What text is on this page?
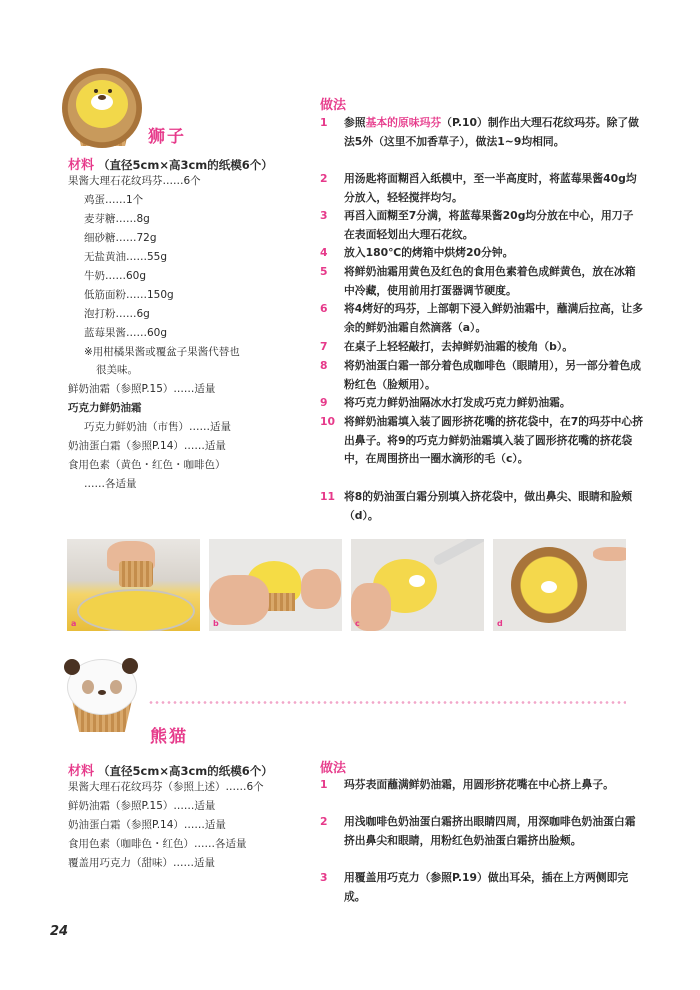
狮子
材料 （直径5cm×高3cm的纸模6个）
果酱大理石花纹玛芬……6个
鸡蛋……1个
麦芽糖……8g
细砂糖……72g
无盐黄油……55g
牛奶……60g
低筋面粉……150g
泡打粉……6g
蓝莓果酱……60g
※用柑橘果酱或覆盆子果酱代替也
很美味。
鲜奶油霜（参照P.15）……适量
巧克力鲜奶油霜
巧克力鲜奶油（市售）……适量
奶油蛋白霜（参照P.14）……适量
食用色素（黄色・红色・咖啡色）
……各适量
做法
1 参照基本的原味玛芬（P.10）制作出大理石花纹玛芬。除了做法5外（这里不加香草子），做法1~9均相同。
2 用汤匙将面糊舀入纸模中，至一半高度时，将蓝莓果酱40g均分放入，轻轻搅拌均匀。
3 再舀入面糊至7分满，将蓝莓果酱20g均分放在中心，用刀子在表面轻划出大理石花纹。
4 放入180℃的烤箱中烘烤20分钟。
5 将鲜奶油霜用黄色及红色的食用色素着色成鲜黄色，放在冰箱中冷藏，使用前用打蛋器调节硬度。
6 将4烤好的玛芬，上部朝下浸入鲜奶油霜中，蘸满后拉高，让多余的鲜奶油霜自然滴落（a）。
7 在桌子上轻轻敲打，去掉鲜奶油霜的棱角（b）。
8 将奶油蛋白霜一部分着色成咖啡色（眼睛用），另一部分着色成粉红色（脸颊用）。
9 将巧克力鲜奶油隔冰水打发成巧克力鲜奶油霜。
10 将鲜奶油霜填入装了圆形挤花嘴的挤花袋中，在7的玛芬中心挤出鼻子。将9的巧克力鲜奶油霜填入装了圆形挤花嘴的挤花袋中，在周围挤出一圈水滴形的毛（c）。
11 将8的奶油蛋白霜分别填入挤花袋中，做出鼻尖、眼睛和脸颊（d）。
a	b	c	d
熊猫
材料 （直径5cm×高3cm的纸模6个）
果酱大理石花纹玛芬（参照上述）……6个
鲜奶油霜（参照P.15）……适量
奶油蛋白霜（参照P.14）……适量
食用色素（咖啡色・红色）……各适量
覆盖用巧克力（甜味）……适量
做法
1 玛芬表面蘸满鲜奶油霜，用圆形挤花嘴在中心挤上鼻子。
2 用浅咖啡色奶油蛋白霜挤出眼睛四周，用深咖啡色奶油蛋白霜挤出鼻尖和眼睛，用粉红色奶油蛋白霜挤出脸颊。
3 用覆盖用巧克力（参照P.19）做出耳朵，插在上方两侧即完成。
24
